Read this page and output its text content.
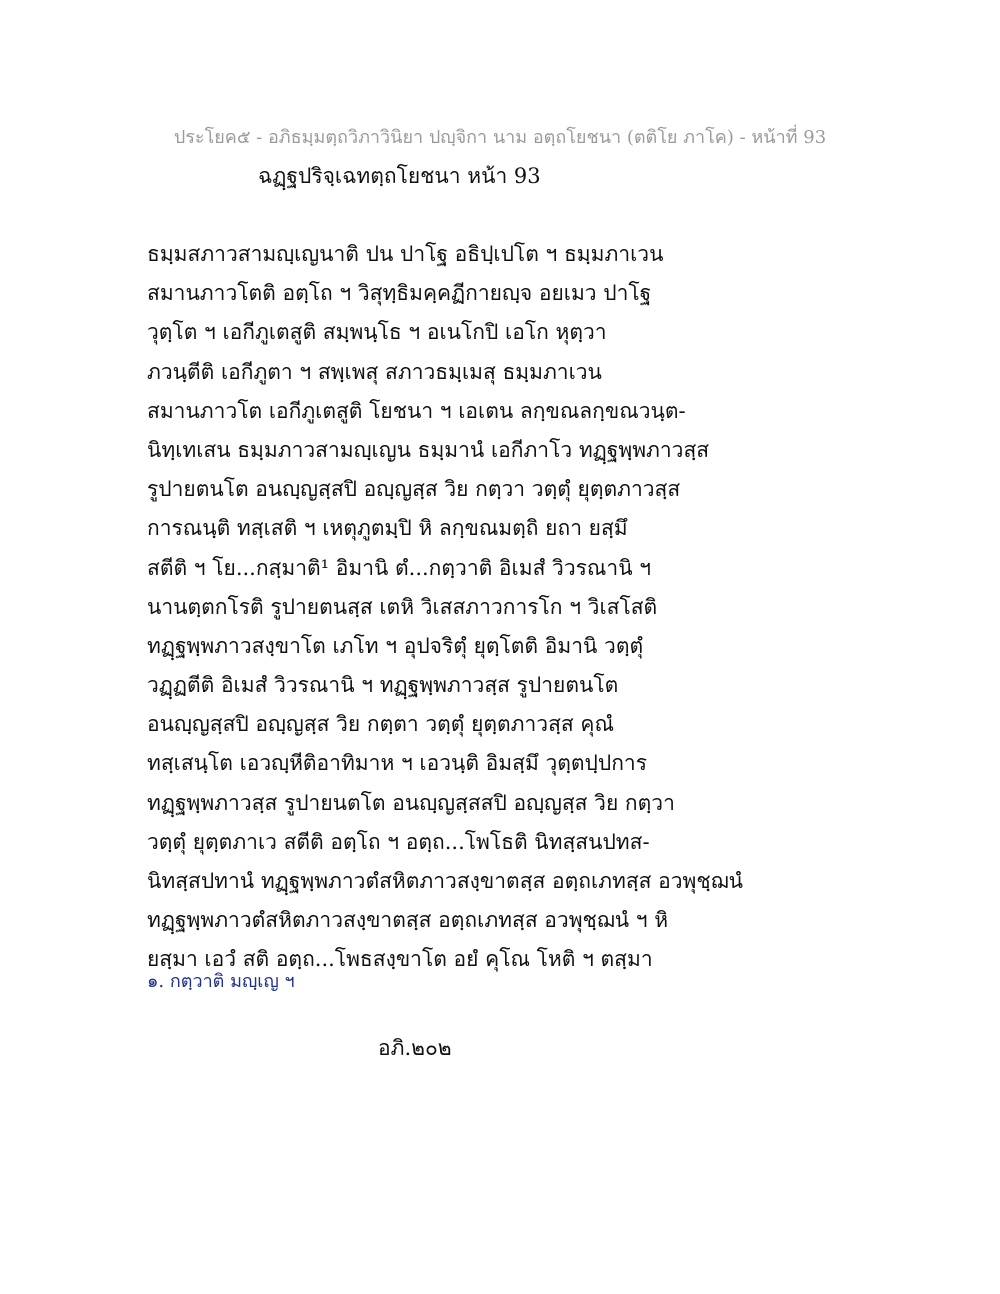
ประโยค๕ - อภิธมฺมตฺถวิภาวินิยา ปญฺจิกา นาม อตฺถโยชนา (ตติโย ภาโค) - หน้าที่ 93
ฉฏฺฐปริจฺเฉทตฺถโยชนา หน้า 93
ธมฺมสภาวสามญฺเญนาติ ปน ปาโฐ อธิปฺเปโต ฯ ธมฺมภาเวน
สมานภาวโตติ อตฺโถ ฯ วิสุทฺธิมคฺคฏีกายญฺจ อยเมว ปาโฐ
วุตฺโต ฯ เอกีภูเตสูติ สมฺพนฺโธ ฯ อเนโกปิ เอโก หุตฺวา
ภวนฺตีติ เอกีภูตา ฯ สพฺเพสุ สภาวธมฺเมสุ ธมฺมภาเวน
สมานภาวโต เอกีภูเตสูติ โยชนา ฯ เอเตน ลกฺขณลกฺขณวนฺต-
นิทฺเทเสน ธมฺมภาวสามญฺเญน ธมฺมานํ เอกีภาโว ทฏฺฐพฺพภาวสฺส
รูปายตนโต อนญฺญสฺสปิ อญฺญสฺส วิย กตฺวา วตฺตุํ ยุตฺตภาวสฺส
การณนฺติ ทสฺเสติ ฯ เหตุภูตมฺปิ หิ ลกฺขณมตฺถิ ยถา ยสฺมึ
สตีติ ฯ โย...กสฺมาติ¹ อิมานิ ตํ...กตฺวาติ อิเมสํ วิวรณานิ ฯ
นานตฺตกโรติ รูปายตนสฺส เตหิ วิเสสภาวการโก ฯ วิเสโสติ
ทฏฺฐพฺพภาวสงฺขาโต เภโท ฯ อุปจริตุํ ยุตฺโตติ อิมานิ วตฺตุํ
วฏฺฏตีติ อิเมสํ วิวรณานิ ฯ ทฏฺฐพฺพภาวสฺส รูปายตนโต
อนญฺญสฺสปิ อญฺญสฺส วิย กตฺตา วตฺตุํ ยุตฺตภาวสฺส คุณํ
ทสฺเสนฺโต เอวญฺหีติอาทิมาห ฯ เอวนฺติ อิมสฺมึ วุตฺตปฺปการ
ทฏฺฐพฺพภาวสฺส รูปายนตโต อนญฺญสฺสสปิ อญฺญสฺส วิย กตฺวา
วตฺตุํ ยุตฺตภาเว สตีติ อตฺโถ ฯ อตฺถ...โพโธติ นิทสฺสนปทส-
นิทสฺสปทานํ ทฏฺฐพฺพภาวตํสหิตภาวสงฺขาตสฺส อตฺถเภทสฺส อวพุชฺฌนํ
ทฏฺฐพฺพภาวตํสหิตภาวสงฺขาตสฺส อตฺถเภทสฺส อวพุชฺฌนํ ฯ หิ
ยสฺมา เอวํ สติ อตฺถ...โพธสงฺขาโต อยํ คุโณ โหติ ฯ ตสฺมา
๑. กตฺวาติ มญฺเญ ฯ
อภิ.๒๐๒
